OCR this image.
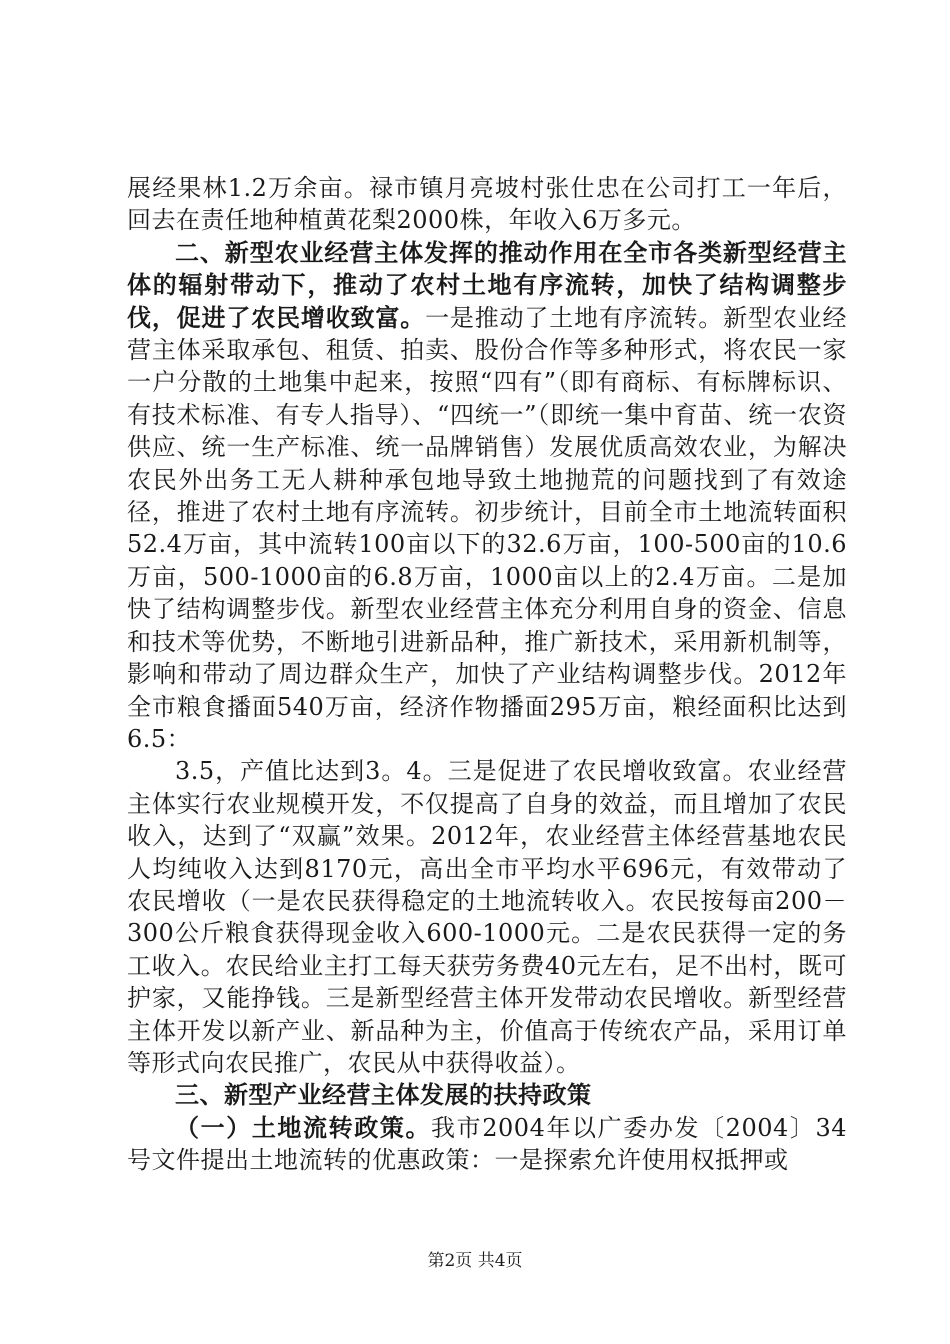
展经果林1.2万余亩。禄市镇月亮坡村张仕忠在公司打工一年后，回去在责任地种植黄花梨2000株，年收入6万多元。

二、新型农业经营主体发挥的推动作用在全市各类新型经营主体的辐射带动下，推动了农村土地有序流转，加快了结构调整步伐，促进了农民增收致富。一是推动了土地有序流转。新型农业经营主体采取承包、租赁、拍卖、股份合作等多种形式，将农民一家一户分散的土地集中起来，按照“四有”（即有商标、有标牌标识、有技术标准、有专人指导）、“四统一”（即统一集中育苗、统一农资供应、统一生产标准、统一品牌销售）发展优质高效农业，为解决农民外出务工无人耕种承包地导致土地抛荒的问题找到了有效途径，推进了农村土地有序流转。初步统计，目前全市土地流转面积52.4万亩，其中流转100亩以下的32.6万亩，100-500亩的10.6万亩，500-1000亩的6.8万亩，1000亩以上的2.4万亩。二是加快了结构调整步伐。新型农业经营主体充分利用自身的资金、信息和技术等优势，不断地引进新品种，推广新技术，采用新机制等，影响和带动了周边群众生产，加快了产业结构调整步伐。2012年全市粮食播面540万亩，经济作物播面295万亩，粮经面积比达到6.5：

3.5，产值比达到3。4。三是促进了农民增收致富。农业经营主体实行农业规模开发，不仅提高了自身的效益，而且增加了农民收入，达到了“双赢”效果。2012年，农业经营主体经营基地农民人均纯收入达到8170元，高出全市平均水平696元，有效带动了农民增收（一是农民获得稳定的土地流转收入。农民按每亩200－300公斤粮食获得现金收入600-1000元。二是农民获得一定的务工收入。农民给业主打工每天获劳务费40元左右，足不出村，既可护家，又能挣钱。三是新型经营主体开发带动农民增收。新型经营主体开发以新产业、新品种为主，价值高于传统农产品，采用订单等形式向农民推广，农民从中获得收益）。

三、新型产业经营主体发展的扶持政策

（一）土地流转政策。我市2004年以广委办发〔2004〕34号文件提出土地流转的优惠政策：一是探索允许使用权抵押或

第2页 共4页
